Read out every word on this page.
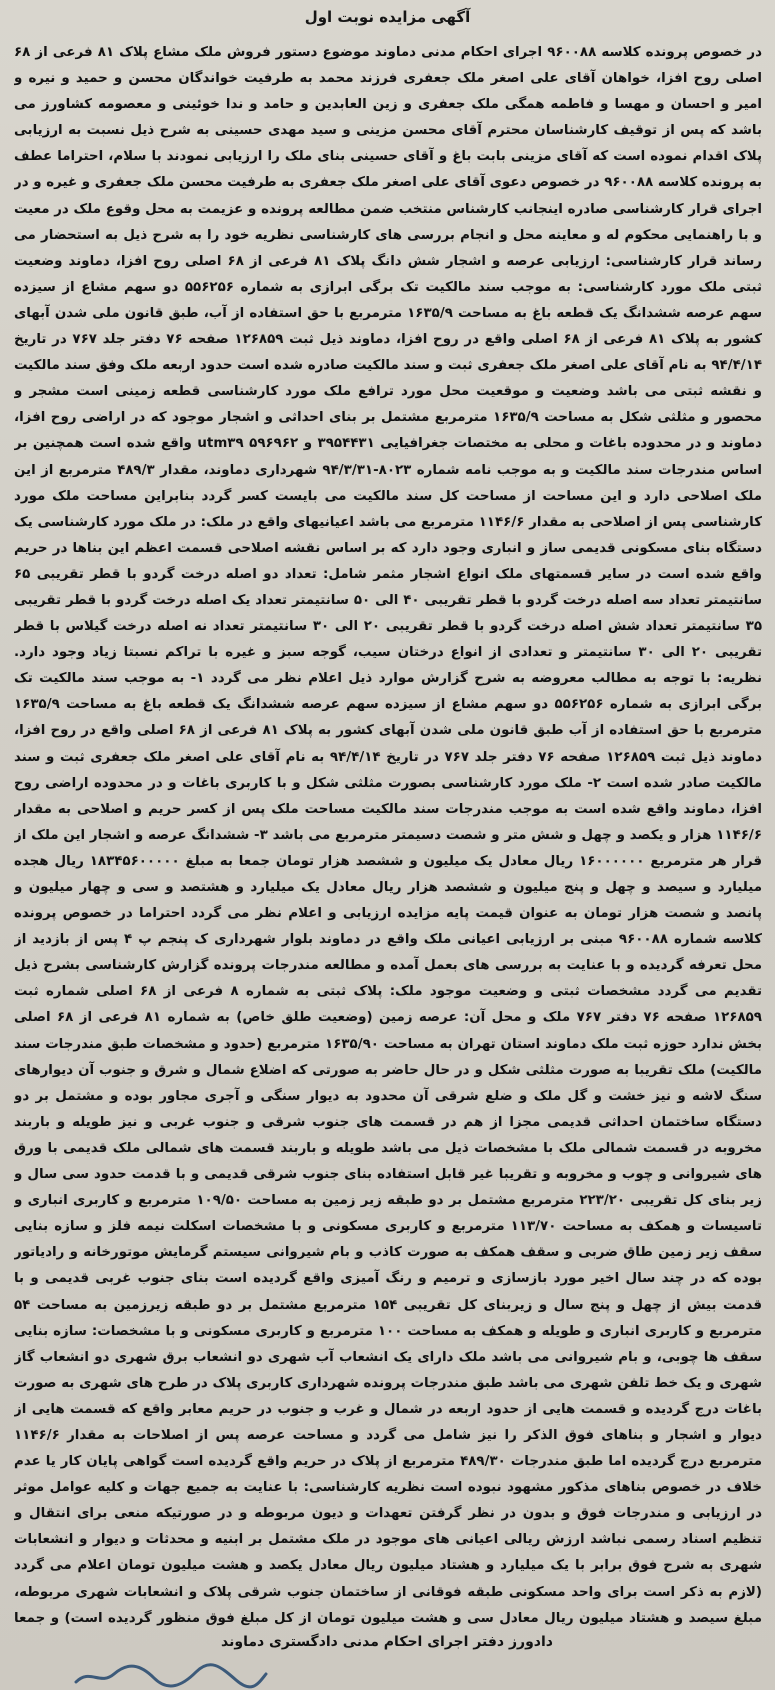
آگهی مزایده نوبت اول
در خصوص پرونده کلاسه ۹۶۰۰۸۸ اجرای احکام مدنی دماوند موضوع دستور فروش ملک مشاع پلاک ۸۱ فرعی از ۶۸ اصلی روح افزا، خواهان آقای علی اصغر ملک جعفری فرزند محمد به طرفیت خواندگان محسن و حمید و نیره و امیر و احسان و مهسا و فاطمه همگی ملک جعفری و زین العابدین و حامد و ندا خوئینی و معصومه کشاورز می باشد که پس از توقیف کارشناسان محترم آقای محسن مزینی و سید مهدی حسینی به شرح ذیل نسبت به ارزیابی پلاک اقدام نموده است که آقای مزینی بابت باغ و آقای حسینی بنای ملک را ارزیابی نمودند با سلام، احتراما عطف به پرونده کلاسه ۹۶۰۰۸۸ در خصوص دعوی آقای علی اصغر ملک جعفری به طرفیت محسن ملک جعفری و غیره و در اجرای قرار کارشناسی صادره اینجانب کارشناس منتخب ضمن مطالعه پرونده و عزیمت به محل وقوع ملک در معیت و با راهنمایی محکوم له و معاینه محل و انجام بررسی های کارشناسی نظریه خود را به شرح ذیل به استحضار می رساند قرار کارشناسی: ارزیابی عرصه و اشجار شش دانگ پلاک ۸۱ فرعی از ۶۸ اصلی روح افزا، دماوند وضعیت ثبتی ملک مورد کارشناسی: به موجب سند مالکیت تک برگی ابرازی به شماره ۵۵۶۲۵۶ دو سهم مشاع از سیزده سهم عرصه ششدانگ یک قطعه باغ به مساحت ۱۶۳۵/۹ مترمربع با حق استفاده از آب، طبق قانون ملی شدن آبهای کشور به پلاک ۸۱ فرعی از ۶۸ اصلی واقع در روح افزا، دماوند ذیل ثبت ۱۲۶۸۵۹ صفحه ۷۶ دفتر جلد ۷۶۷ در تاریخ ۹۴/۴/۱۴ به نام آقای علی اصغر ملک جعفری ثبت و سند مالکیت صادره شده است حدود اربعه ملک وفق سند مالکیت و نقشه ثبتی می باشد وضعیت و موقعیت محل مورد ترافع ملک مورد کارشناسی قطعه زمینی است مشجر و محصور و مثلثی شکل به مساحت ۱۶۳۵/۹ مترمربع مشتمل بر بنای احداثی و اشجار موجود که در اراضی روح افزا، دماوند و در محدوده باغات و محلی به مختصات جغرافیایی ۳۹۵۴۴۳۱ و ۵۹۶۹۶۲ utm۳۹ واقع شده است همچنین بر اساس مندرجات سند مالکیت و به موجب نامه شماره ۸۰۲۳-۹۴/۳/۳۱ شهرداری دماوند، مقدار ۴۸۹/۳ مترمربع از این ملک اصلاحی دارد و این مساحت از مساحت کل سند مالکیت می بایست کسر گردد بنابراین مساحت ملک مورد کارشناسی پس از اصلاحی به مقدار ۱۱۴۶/۶ مترمربع می باشد اعیانیهای واقع در ملک: در ملک مورد کارشناسی یک دستگاه بنای مسکونی قدیمی ساز و انباری وجود دارد که بر اساس نقشه اصلاحی قسمت اعظم این بناها در حریم واقع شده است در سایر قسمتهای ملک انواع اشجار مثمر شامل: تعداد دو اصله درخت گردو با قطر تقریبی ۶۵ سانتیمتر تعداد سه اصله درخت گردو با قطر تقریبی ۴۰ الی ۵۰ سانتیمتر تعداد یک اصله درخت گردو با قطر تقریبی ۳۵ سانتیمتر تعداد شش اصله درخت گردو با قطر تقریبی ۲۰ الی ۳۰ سانتیمتر تعداد نه اصله درخت گیلاس با قطر تقریبی ۲۰ الی ۳۰ سانتیمتر و تعدادی از انواع درختان سیب، گوجه سبز و غیره با تراکم نسبتا زیاد وجود دارد. نظریه: با توجه به مطالب معروضه به شرح گزارش موارد ذیل اعلام نظر می گردد ۱- به موجب سند مالکیت تک برگی ابرازی به شماره ۵۵۶۲۵۶ دو سهم مشاع از سیزده سهم عرصه ششدانگ یک قطعه باغ به مساحت ۱۶۳۵/۹ مترمربع با حق استفاده از آب طبق قانون ملی شدن آبهای کشور به پلاک ۸۱ فرعی از ۶۸ اصلی واقع در روح افزا، دماوند ذیل ثبت ۱۲۶۸۵۹ صفحه ۷۶ دفتر جلد ۷۶۷ در تاریخ ۹۴/۴/۱۴ به نام آقای علی اصغر ملک جعفری ثبت و سند مالکیت صادر شده است ۲- ملک مورد کارشناسی بصورت مثلثی شکل و با کاربری باغات و در محدوده اراضی روح افزا، دماوند واقع شده است به موجب مندرجات سند مالکیت مساحت ملک پس از کسر حریم و اصلاحی به مقدار ۱۱۴۶/۶ هزار و یکصد و چهل و شش متر و شصت دسیمتر مترمربع می باشد ۳- ششدانگ عرصه و اشجار این ملک از قرار هر مترمربع ۱۶۰۰۰۰۰۰ ریال معادل یک میلیون و ششصد هزار تومان جمعا به مبلغ ۱۸۳۴۵۶۰۰۰۰۰ ریال هجده میلیارد و سیصد و چهل و پنج میلیون و ششصد هزار ریال معادل یک میلیارد و هشتصد و سی و چهار میلیون و پانصد و شصت هزار تومان به عنوان قیمت پایه مزایده ارزیابی و اعلام نظر می گردد احتراما در خصوص پرونده کلاسه شماره ۹۶۰۰۸۸ مبنی بر ارزیابی اعیانی ملک واقع در دماوند بلوار شهرداری ک پنجم پ ۴ پس از بازدید از محل تعرفه گردیده و با عنایت به بررسی های بعمل آمده و مطالعه مندرجات پرونده گزارش کارشناسی بشرح ذیل تقدیم می گردد مشخصات ثبتی و وضعیت موجود ملک: پلاک ثبتی به شماره ۸ فرعی از ۶۸ اصلی شماره ثبت ۱۲۶۸۵۹ صفحه ۷۶ دفتر ۷۶۷ ملک و محل آن: عرصه زمین (وضعیت طلق خاص) به شماره ۸۱ فرعی از ۶۸ اصلی بخش ندارد حوزه ثبت ملک دماوند استان تهران به مساحت ۱۶۳۵/۹۰ مترمربع (حدود و مشخصات طبق مندرجات سند مالکیت) ملک تقریبا به صورت مثلثی شکل و در حال حاضر به صورتی که اضلاع شمال و شرق و جنوب آن دیوارهای سنگ لاشه و نیز خشت و گل ملک و ضلع شرقی آن محدود به دیوار سنگی و آجری مجاور بوده و مشتمل بر دو دستگاه ساختمان احداثی قدیمی مجزا از هم در قسمت های جنوب شرقی و جنوب غربی و نیز طویله و باربند مخروبه در قسمت شمالی ملک با مشخصات ذیل می باشد طویله و باربند قسمت های شمالی ملک قدیمی با ورق های شیروانی و چوب و مخروبه و تقریبا غیر قابل استفاده بنای جنوب شرقی قدیمی و با قدمت حدود سی سال و زیر بنای کل تقریبی ۲۲۳/۲۰ مترمربع مشتمل بر دو طبقه زیر زمین به مساحت ۱۰۹/۵۰ مترمربع و کاربری انباری و تاسیسات و همکف به مساحت ۱۱۳/۷۰ مترمربع و کاربری مسکونی و با مشخصات اسکلت نیمه فلز و سازه بنایی سقف زیر زمین طاق ضربی و سقف همکف به صورت کاذب و بام شیروانی سیستم گرمایش موتورخانه و رادیاتور بوده که در چند سال اخیر مورد بازسازی و ترمیم و رنگ آمیزی واقع گردیده است بنای جنوب غربی قدیمی و با قدمت بیش از چهل و پنج سال و زیربنای کل تقریبی ۱۵۴ مترمربع مشتمل بر دو طبقه زیرزمین به مساحت ۵۴ مترمربع و کاربری انباری و طویله و همکف به مساحت ۱۰۰ مترمربع و کاربری مسکونی و با مشخصات: سازه بنایی سقف ها چوبی، و بام شیروانی می باشد ملک دارای یک انشعاب آب شهری دو انشعاب برق شهری دو انشعاب گاز شهری و یک خط تلفن شهری می باشد طبق مندرجات پرونده شهرداری کاربری پلاک در طرح های شهری به صورت باغات درج گردیده و قسمت هایی از حدود اربعه در شمال و غرب و جنوب در حریم معابر واقع که قسمت هایی از دیوار و اشجار و بناهای فوق الذکر را نیز شامل می گردد و مساحت عرصه پس از اصلاحات به مقدار ۱۱۴۶/۶ مترمربع درج گردیده اما طبق مندرجات ۴۸۹/۳۰ مترمربع از پلاک در حریم واقع گردیده است گواهی پایان کار یا عدم خلاف در خصوص بناهای مذکور مشهود نبوده است نظریه کارشناسی: با عنایت به جمیع جهات و کلیه عوامل موثر در ارزیابی و مندرجات فوق و بدون در نظر گرفتن تعهدات و دیون مربوطه و در صورتیکه منعی برای انتقال و تنظیم اسناد رسمی نباشد ارزش ریالی اعیانی های موجود در ملک مشتمل بر ابنیه و محدثات و دیوار و انشعابات شهری به شرح فوق برابر با یک میلیارد و هشتاد میلیون ریال معادل یکصد و هشت میلیون تومان اعلام می گردد (لازم به ذکر است برای واحد مسکونی طبقه فوقانی از ساختمان جنوب شرقی پلاک و انشعابات شهری مربوطه، مبلغ سیصد و هشتاد میلیون ریال معادل سی و هشت میلیون تومان از کل مبلغ فوق منظور گردیده است) و جمعا
دادورز دفتر اجرای احکام مدنی دادگستری دماوند
